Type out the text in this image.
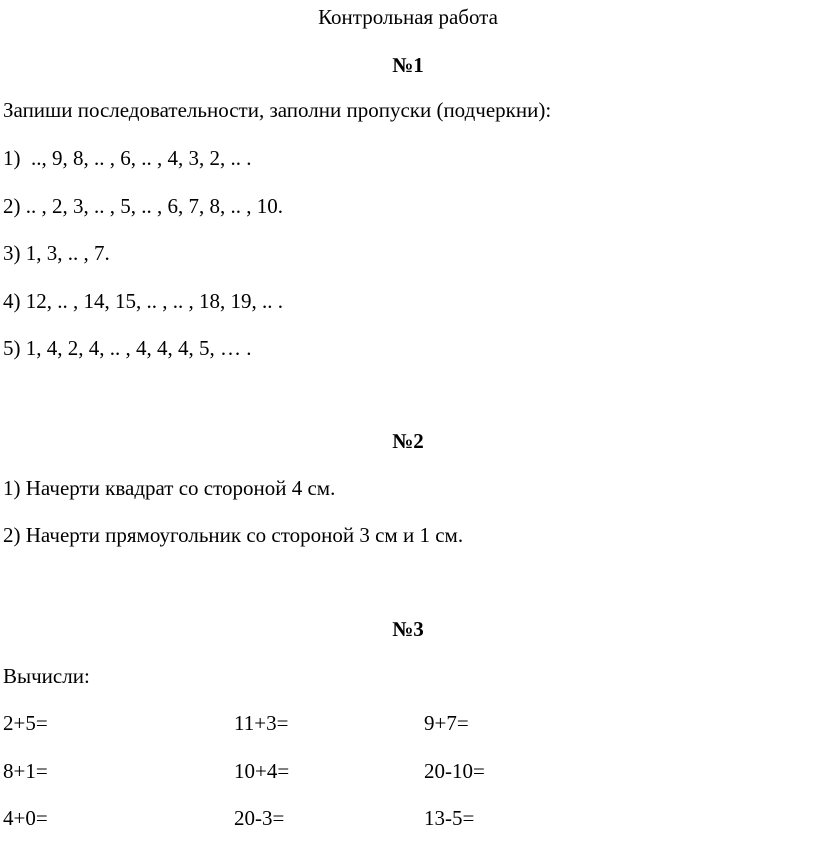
Контрольная работа
№1
Запиши последовательности, заполни пропуски (подчеркни):
1)  .., 9, 8, .. , 6, .. , 4, 3, 2, .. .
2) .. , 2, 3, .. , 5, .. , 6, 7, 8, .. , 10.
3) 1, 3, .. , 7.
4) 12, .. , 14, 15, .. , .. , 18, 19, .. .
5) 1, 4, 2, 4, .. , 4, 4, 4, 5, … .
№2
1) Начерти квадрат со стороной 4 см.
2) Начерти прямоугольник со стороной 3 см и 1 см.
№3
Вычисли:
2+5=	11+3=	9+7=
8+1=	10+4=	20-10=
4+0=	20-3=	13-5=
